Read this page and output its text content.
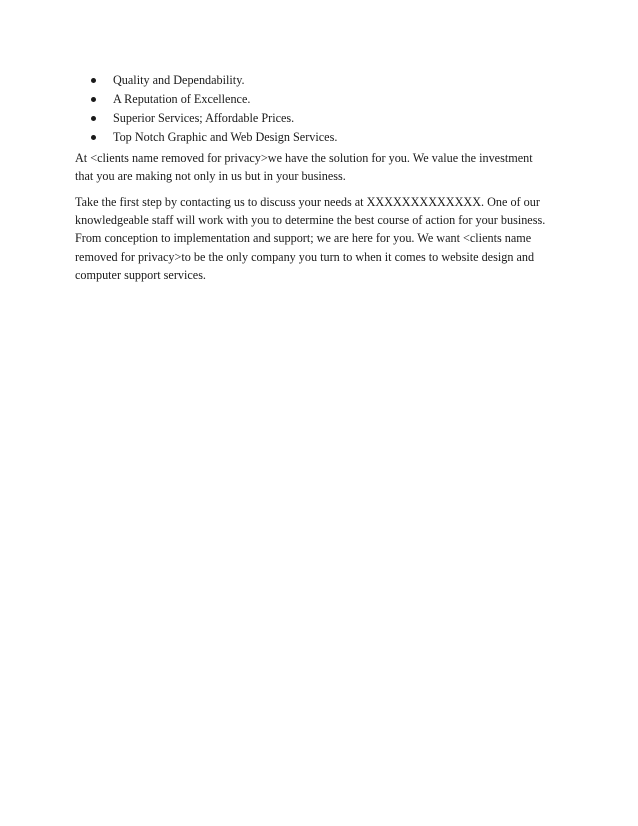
Quality and Dependability.
A Reputation of Excellence.
Superior Services; Affordable Prices.
Top Notch Graphic and Web Design Services.

At <clients name removed for privacy>we have the solution for you. We value the investment
that you are making not only in us but in your business.

Take the first step by contacting us to discuss your needs at XXXXXXXXXXXXX. One of our
knowledgeable staff will work with you to determine the best course of action for your business.
From conception to implementation and support; we are here for you. We want <clients name
removed for privacy>to be the only company you turn to when it comes to website design and
computer support services.
